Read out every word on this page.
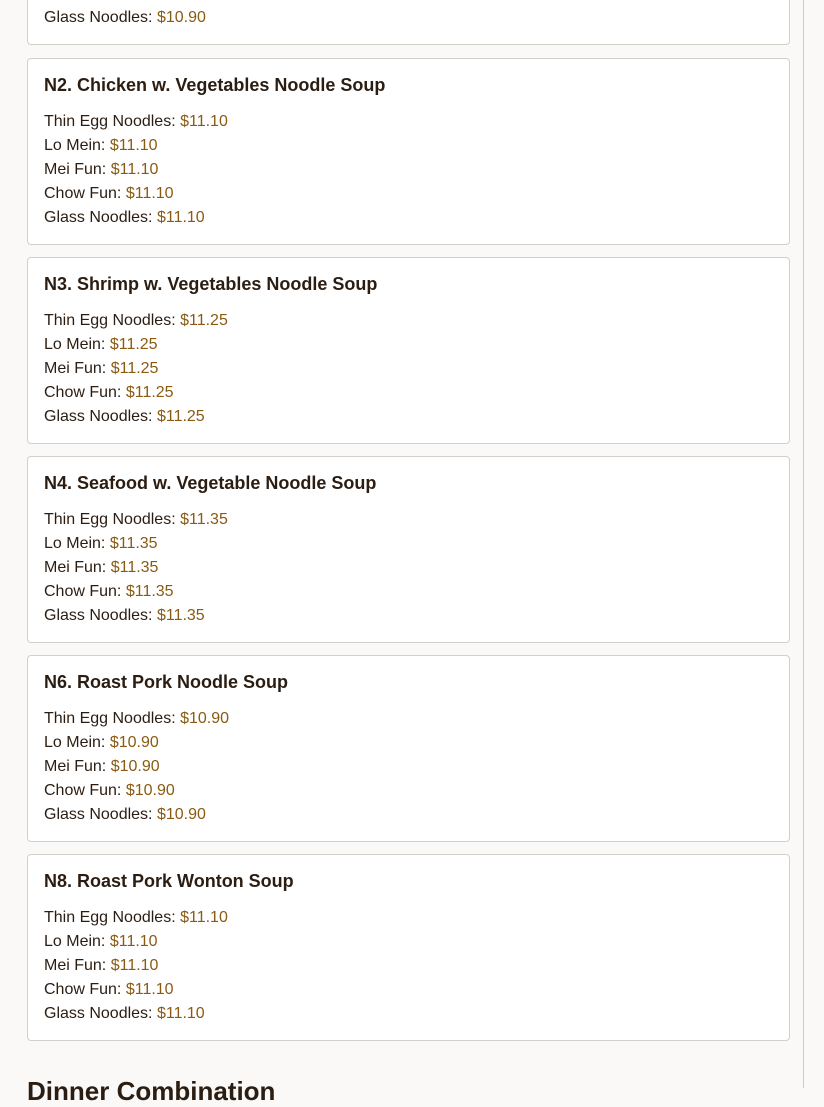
Glass Noodles: $10.90
N2. Chicken w. Vegetables Noodle Soup
Thin Egg Noodles: $11.10
Lo Mein: $11.10
Mei Fun: $11.10
Chow Fun: $11.10
Glass Noodles: $11.10
N3. Shrimp w. Vegetables Noodle Soup
Thin Egg Noodles: $11.25
Lo Mein: $11.25
Mei Fun: $11.25
Chow Fun: $11.25
Glass Noodles: $11.25
N4. Seafood w. Vegetable Noodle Soup
Thin Egg Noodles: $11.35
Lo Mein: $11.35
Mei Fun: $11.35
Chow Fun: $11.35
Glass Noodles: $11.35
N6. Roast Pork Noodle Soup
Thin Egg Noodles: $10.90
Lo Mein: $10.90
Mei Fun: $10.90
Chow Fun: $10.90
Glass Noodles: $10.90
N8. Roast Pork Wonton Soup
Thin Egg Noodles: $11.10
Lo Mein: $11.10
Mei Fun: $11.10
Chow Fun: $11.10
Glass Noodles: $11.10
Dinner Combination
